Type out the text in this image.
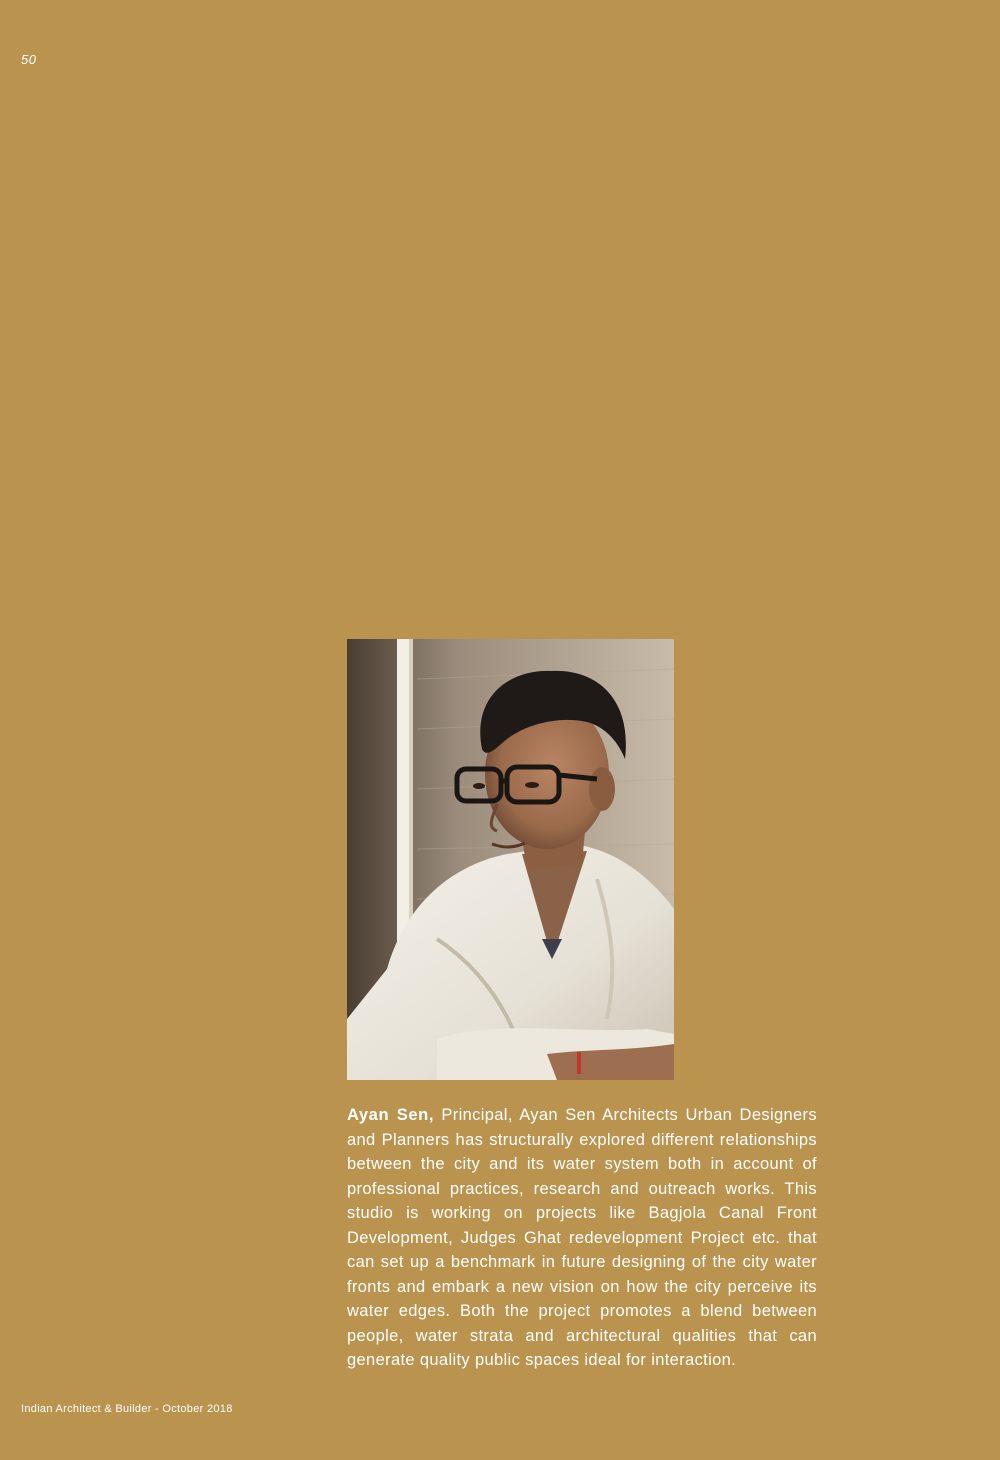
50

Ayan Sen, Principal, Ayan Sen Architects Urban Designers and Planners has structurally explored different relationships between the city and its water system both in account of professional practices, research and outreach works. This studio is working on projects like Bagjola Canal Front Development, Judges Ghat redevelopment Project etc. that can set up a benchmark in future designing of the city water fronts and embark a new vision on how the city perceive its water edges. Both the project promotes a blend between people, water strata and architectural qualities that can generate quality public spaces ideal for interaction.

Indian Architect & Builder - October 2018
